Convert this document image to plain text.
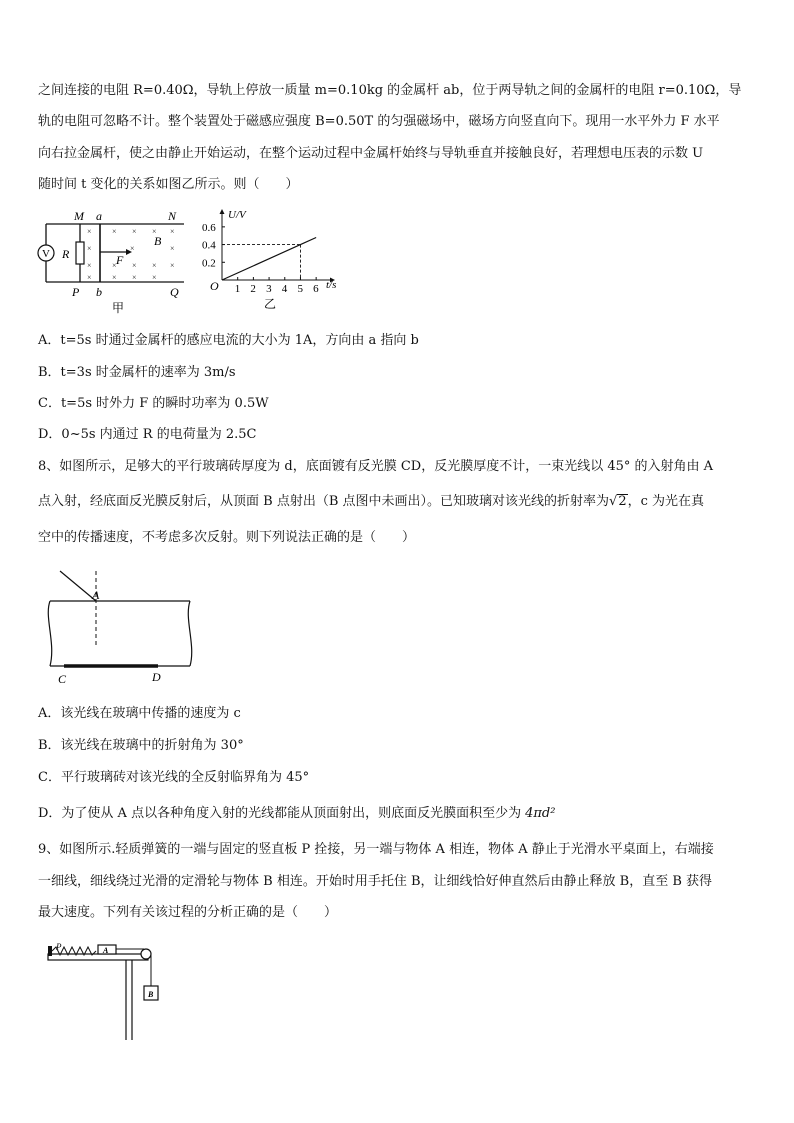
之间连接的电阻 R=0.40Ω，导轨上停放一质量 m=0.10kg 的金属杆 ab，位于两导轨之间的金属杆的电阻 r=0.10Ω，导
轨的电阻可忽略不计。整个装置处于磁感应强度 B=0.50T 的匀强磁场中，磁场方向竖直向下。现用一水平外力 F 水平
向右拉金属杆，使之由静止开始运动，在整个运动过程中金属杆始终与导轨垂直并接触良好，若理想电压表的示数 U
随时间 t 变化的关系如图乙所示。则（　　）
V R
×
×
×
×
× × × ×
×	×
× × × ×
× × ×
F
B
M a	N
P b	Q
甲
1 2 3 4 5 6
0.6
0.4
0.2
U/V
t/s
O
乙
A．t=5s 时通过金属杆的感应电流的大小为 1A，方向由 a 指向 b
B．t=3s 时金属杆的速率为 3m/s
C．t=5s 时外力 F 的瞬时功率为 0.5W
D．0~5s 内通过 R 的电荷量为 2.5C
8、如图所示，足够大的平行玻璃砖厚度为 d，底面镀有反光膜 CD，反光膜厚度不计，一束光线以 45° 的入射角由 A
点入射，经底面反光膜反射后，从顶面 B 点射出（B 点图中未画出）。已知玻璃对该光线的折射率为√2，c 为光在真
空中的传播速度，不考虑多次反射。则下列说法正确的是（　　）
A
C	D
A．该光线在玻璃中传播的速度为 c
B．该光线在玻璃中的折射角为 30°
C．平行玻璃砖对该光线的全反射临界角为 45°
D．为了使从 A 点以各种角度入射的光线都能从顶面射出，则底面反光膜面积至少为 4πd²
9、如图所示.轻质弹簧的一端与固定的竖直板 P 拴接，另一端与物体 A 相连，物体 A 静止于光滑水平桌面上，右端接
一细线，细线绕过光滑的定滑轮与物体 B 相连。开始时用手托住 B，让细线恰好伸直然后由静止释放 B，直至 B 获得
最大速度。下列有关该过程的分析正确的是（　　）
P	A
B
